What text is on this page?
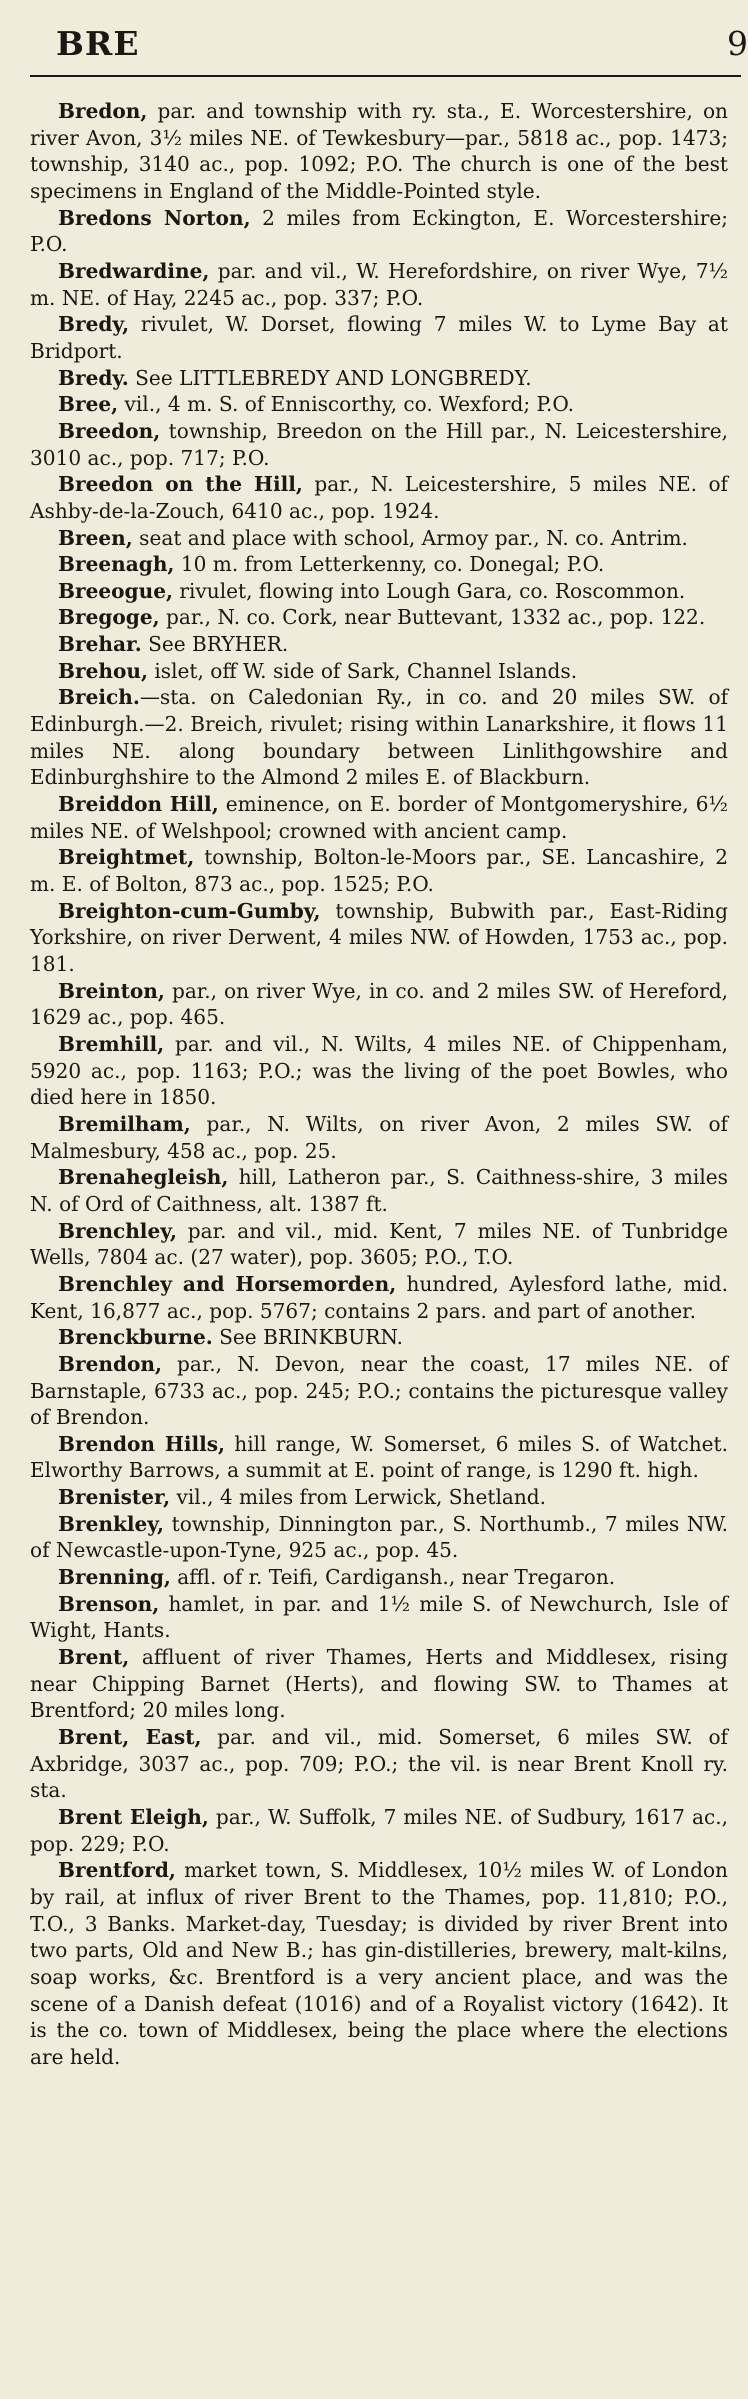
BRE	9

Bredon, par. and township with ry. sta., E. Worcestershire, on river Avon, 3½ miles NE. of Tewkesbury—par., 5818 ac., pop. 1473; township, 3140 ac., pop. 1092; P.O. The church is one of the best specimens in England of the Middle-Pointed style.

Bredons Norton, 2 miles from Eckington, E. Worcestershire; P.O.

Bredwardine, par. and vil., W. Herefordshire, on river Wye, 7½ m. NE. of Hay, 2245 ac., pop. 337; P.O.

Bredy, rivulet, W. Dorset, flowing 7 miles W. to Lyme Bay at Bridport.

Bredy. See LITTLEBREDY AND LONGBREDY.

Bree, vil., 4 m. S. of Enniscorthy, co. Wexford; P.O.

Breedon, township, Breedon on the Hill par., N. Leicestershire, 3010 ac., pop. 717; P.O.

Breedon on the Hill, par., N. Leicestershire, 5 miles NE. of Ashby-de-la-Zouch, 6410 ac., pop. 1924.

Breen, seat and place with school, Armoy par., N. co. Antrim.

Breenagh, 10 m. from Letterkenny, co. Donegal; P.O.

Breeogue, rivulet, flowing into Lough Gara, co. Roscommon.

Bregoge, par., N. co. Cork, near Buttevant, 1332 ac., pop. 122.

Brehar. See BRYHER.

Brehou, islet, off W. side of Sark, Channel Islands.

Breich.—sta. on Caledonian Ry., in co. and 20 miles SW. of Edinburgh.—2. Breich, rivulet; rising within Lanarkshire, it flows 11 miles NE. along boundary between Linlithgowshire and Edinburghshire to the Almond 2 miles E. of Blackburn.

Breiddon Hill, eminence, on E. border of Montgomeryshire, 6½ miles NE. of Welshpool; crowned with ancient camp.

Breightmet, township, Bolton-le-Moors par., SE. Lancashire, 2 m. E. of Bolton, 873 ac., pop. 1525; P.O.

Breighton-cum-Gumby, township, Bubwith par., East-Riding Yorkshire, on river Derwent, 4 miles NW. of Howden, 1753 ac., pop. 181.

Breinton, par., on river Wye, in co. and 2 miles SW. of Hereford, 1629 ac., pop. 465.

Bremhill, par. and vil., N. Wilts, 4 miles NE. of Chippenham, 5920 ac., pop. 1163; P.O.; was the living of the poet Bowles, who died here in 1850.

Bremilham, par., N. Wilts, on river Avon, 2 miles SW. of Malmesbury, 458 ac., pop. 25.

Brenahegleish, hill, Latheron par., S. Caithness-shire, 3 miles N. of Ord of Caithness, alt. 1387 ft.

Brenchley, par. and vil., mid. Kent, 7 miles NE. of Tunbridge Wells, 7804 ac. (27 water), pop. 3605; P.O., T.O.

Brenchley and Horsemorden, hundred, Aylesford lathe, mid. Kent, 16,877 ac., pop. 5767; contains 2 pars. and part of another.

Brenckburne. See BRINKBURN.

Brendon, par., N. Devon, near the coast, 17 miles NE. of Barnstaple, 6733 ac., pop. 245; P.O.; contains the picturesque valley of Brendon.

Brendon Hills, hill range, W. Somerset, 6 miles S. of Watchet. Elworthy Barrows, a summit at E. point of range, is 1290 ft. high.

Brenister, vil., 4 miles from Lerwick, Shetland.

Brenkley, township, Dinnington par., S. Northumb., 7 miles NW. of Newcastle-upon-Tyne, 925 ac., pop. 45.

Brenning, affl. of r. Teifi, Cardigansh., near Tregaron.

Brenson, hamlet, in par. and 1½ mile S. of Newchurch, Isle of Wight, Hants.

Brent, affluent of river Thames, Herts and Middlesex, rising near Chipping Barnet (Herts), and flowing SW. to Thames at Brentford; 20 miles long.

Brent, East, par. and vil., mid. Somerset, 6 miles SW. of Axbridge, 3037 ac., pop. 709; P.O.; the vil. is near Brent Knoll ry. sta.

Brent Eleigh, par., W. Suffolk, 7 miles NE. of Sudbury, 1617 ac., pop. 229; P.O.

Brentford, market town, S. Middlesex, 10½ miles W. of London by rail, at influx of river Brent to the Thames, pop. 11,810; P.O., T.O., 3 Banks. Market-day, Tuesday; is divided by river Brent into two parts, Old and New B.; has gin-distilleries, brewery, malt-kilns, soap works, &c. Brentford is a very ancient place, and was the scene of a Danish defeat (1016) and of a Royalist victory (1642). It is the co. town of Middlesex, being the place where the elections are held.
